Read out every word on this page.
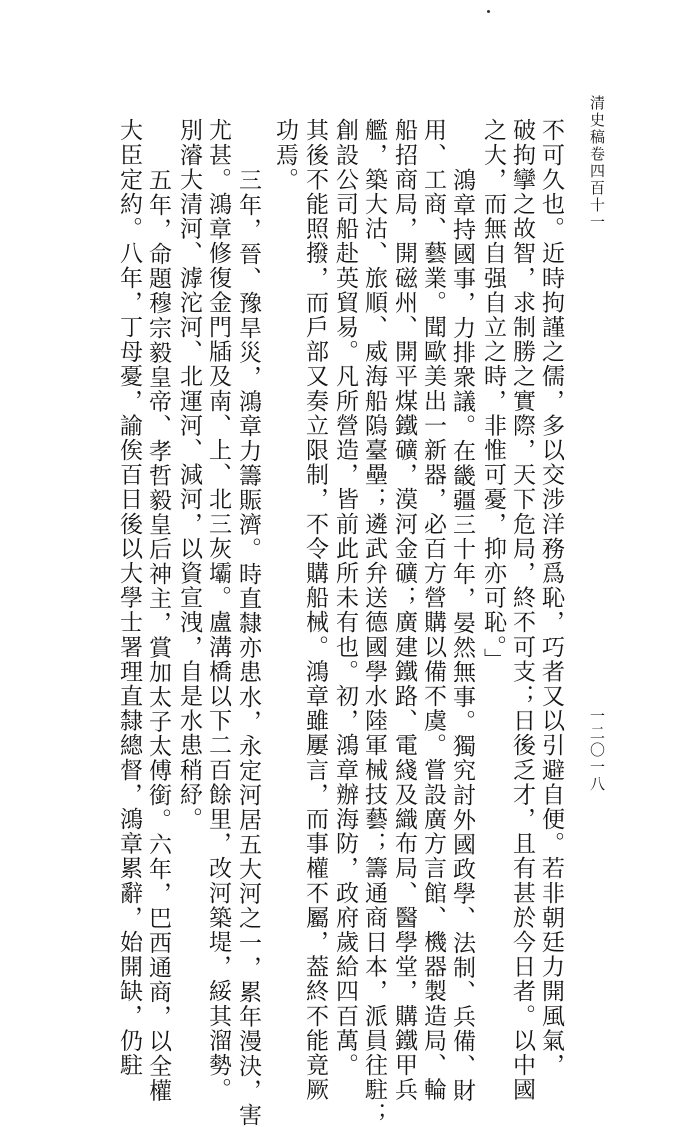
清史稿卷四百十一
一二〇一八
不可久也。近時拘謹之儒，多以交涉洋務爲恥，巧者又以引避自便。若非朝廷力開風氣，
破拘攣之故智，求制勝之實際，天下危局，終不可支；日後乏才，且有甚於今日者。以中國
之大，而無自强自立之時，非惟可憂，抑亦可恥。」
鴻章持國事，力排衆議。在畿疆三十年，晏然無事。獨究討外國政學、法制、兵備、財
用、工商、藝業。聞歐美出一新器，必百方營購以備不虞。嘗設廣方言館、機器製造局、輪
船招商局，開磁州、開平煤鐵礦，漠河金礦；廣建鐵路、電綫及織布局、醫學堂，購鐵甲兵
艦，築大沽、旅順、威海船隖臺壘；遴武弁送德國學水陸軍械技藝；籌通商日本，派員往駐；
創設公司船赴英貿易。凡所營造，皆前此所未有也。初，鴻章辦海防，政府歲給四百萬。
其後不能照撥，而戶部又奏立限制，不令購船械。鴻章雖屢言，而事權不屬，葢終不能竟厥
功焉。
三年，晉、豫旱災，鴻章力籌賑濟。時直隸亦患水，永定河居五大河之一，累年漫決，害
尤甚。鴻章修復金門牐及南、上、北三灰壩。盧溝橋以下二百餘里，改河築堤，綏其溜勢。
別濬大清河、滹沱河、北運河、減河，以資宣洩，自是水患稍紓。
五年，命題穆宗毅皇帝、孝哲毅皇后神主，賞加太子太傅銜。六年，巴西通商，以全權
大臣定約。八年，丁母憂，諭俟百日後以大學士署理直隸總督，鴻章累辭，始開缺，仍駐
